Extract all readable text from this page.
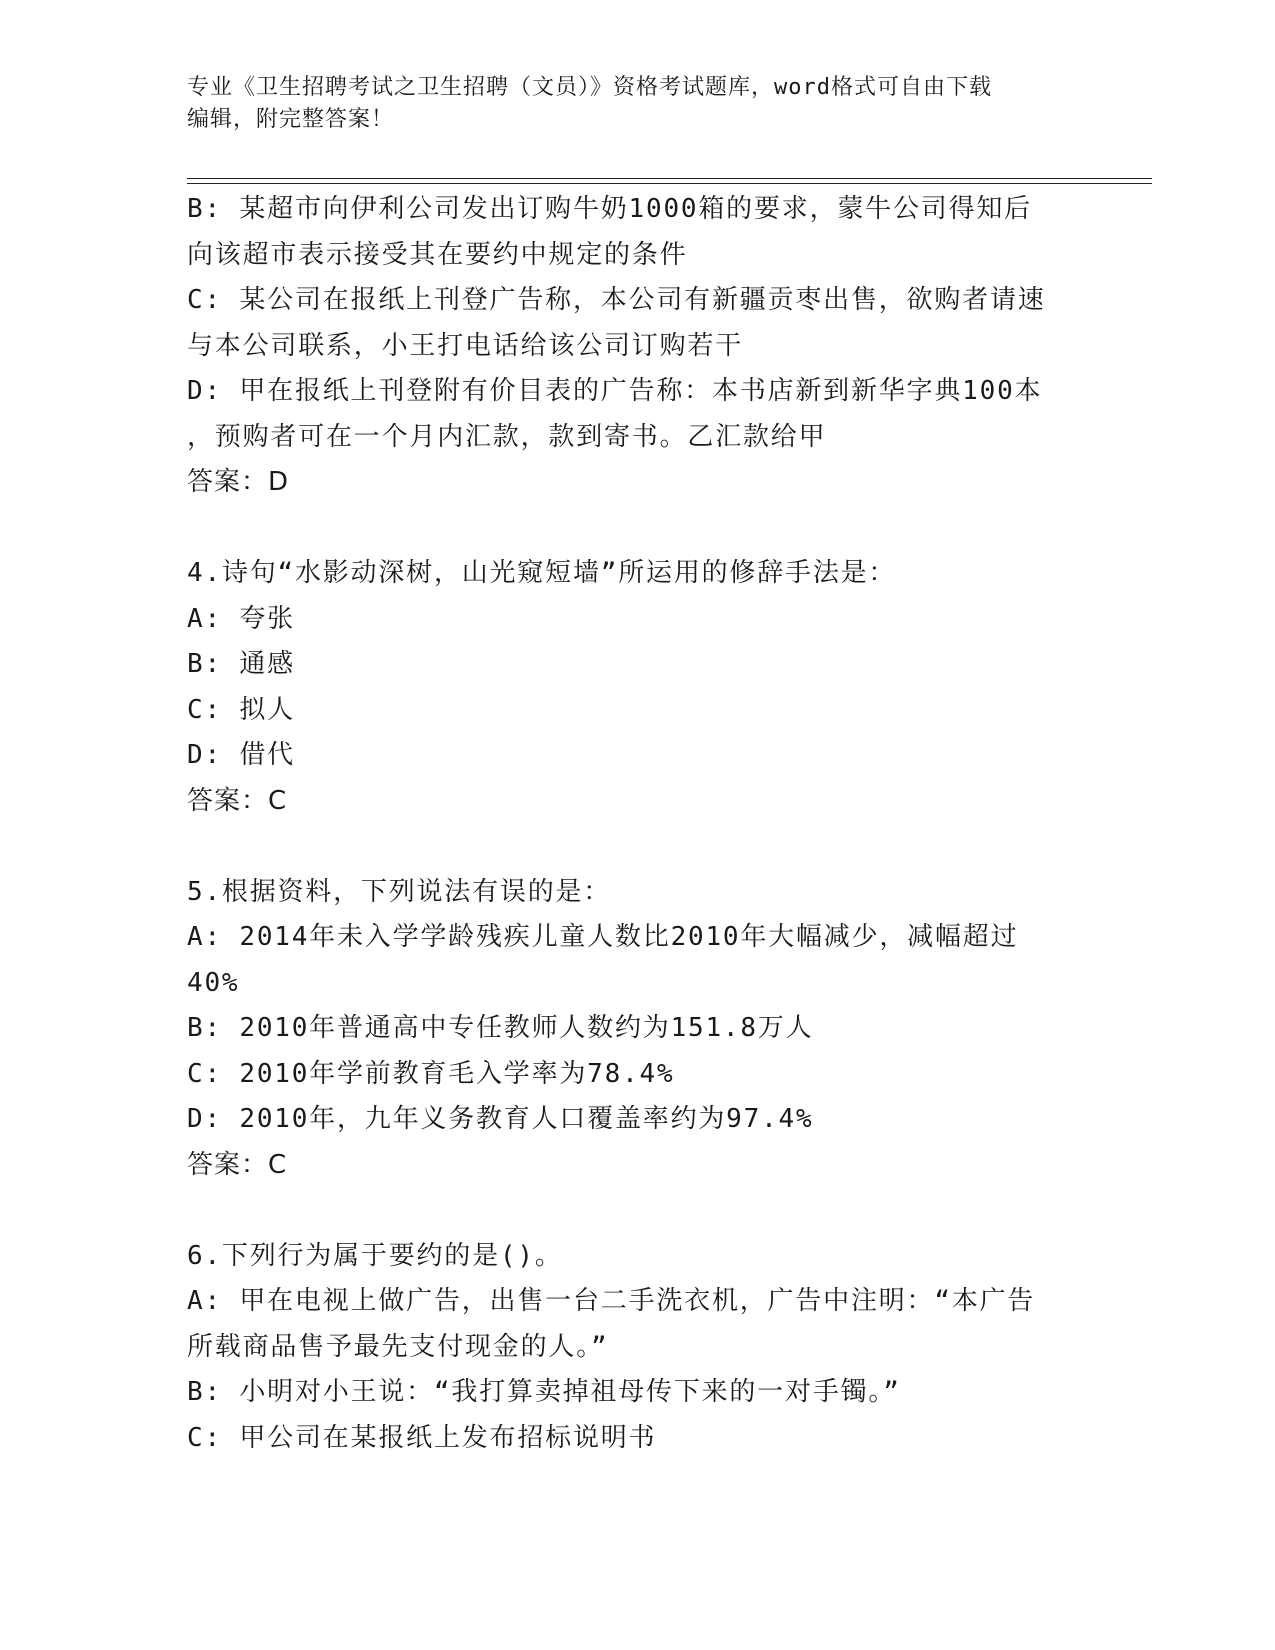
专业《卫生招聘考试之卫生招聘（文员）》资格考试题库，word格式可自由下载
编辑，附完整答案！
B: 某超市向伊利公司发出订购牛奶1000箱的要求，蒙牛公司得知后
向该超市表示接受其在要约中规定的条件
C: 某公司在报纸上刊登广告称，本公司有新疆贡枣出售，欲购者请速
与本公司联系，小王打电话给该公司订购若干
D: 甲在报纸上刊登附有价目表的广告称：本书店新到新华字典100本
，预购者可在一个月内汇款，款到寄书。乙汇款给甲
答案：D
4.诗句“水影动深树，山光窥短墙”所运用的修辞手法是：
A: 夸张
B: 通感
C: 拟人
D: 借代
答案：C
5.根据资料，下列说法有误的是：
A: 2014年未入学学龄残疾儿童人数比2010年大幅减少，减幅超过
40%
B: 2010年普通高中专任教师人数约为151.8万人
C: 2010年学前教育毛入学率为78.4%
D: 2010年，九年义务教育人口覆盖率约为97.4%
答案：C
6.下列行为属于要约的是()。
A: 甲在电视上做广告，出售一台二手洗衣机，广告中注明：“本广告
所载商品售予最先支付现金的人。”
B: 小明对小王说：“我打算卖掉祖母传下来的一对手镯。”
C: 甲公司在某报纸上发布招标说明书
